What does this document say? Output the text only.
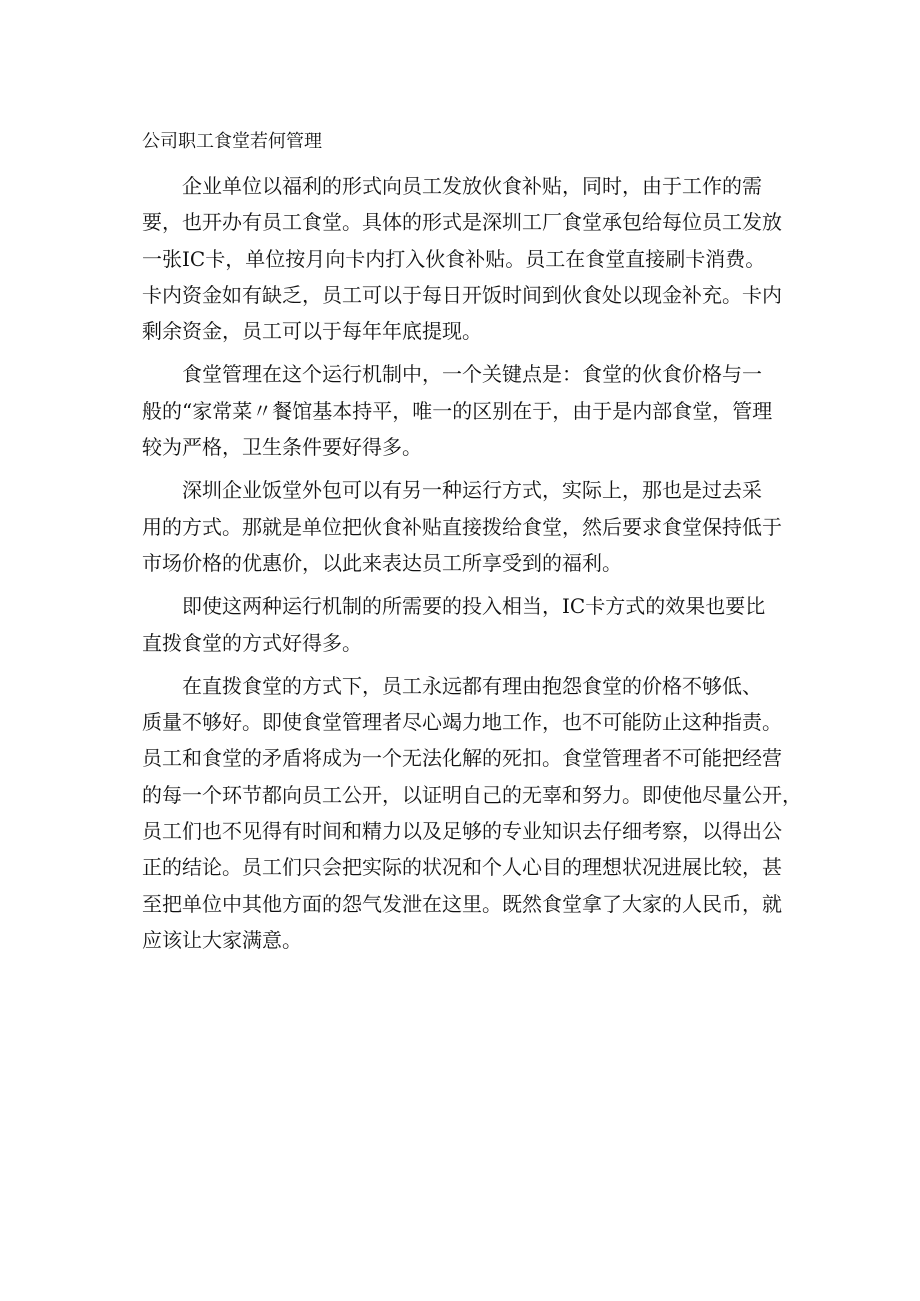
公司职工食堂若何管理

企业单位以福利的形式向员工发放伙食补贴，同时，由于工作的需
要，也开办有员工食堂。具体的形式是深圳工厂食堂承包给每位员工发放
一张IC卡，单位按月向卡内打入伙食补贴。员工在食堂直接刷卡消费。
卡内资金如有缺乏，员工可以于每日开饭时间到伙食处以现金补充。卡内
剩余资金，员工可以于每年年底提现。

食堂管理在这个运行机制中，一个关键点是：食堂的伙食价格与一
般的“家常菜〃餐馆基本持平，唯一的区别在于，由于是内部食堂，管理
较为严格，卫生条件要好得多。

深圳企业饭堂外包可以有另一种运行方式，实际上，那也是过去采
用的方式。那就是单位把伙食补贴直接拨给食堂，然后要求食堂保持低于
市场价格的优惠价，以此来表达员工所享受到的福利。

即使这两种运行机制的所需要的投入相当，IC卡方式的效果也要比
直拨食堂的方式好得多。

在直拨食堂的方式下，员工永远都有理由抱怨食堂的价格不够低、
质量不够好。即使食堂管理者尽心竭力地工作，也不可能防止这种指责。
员工和食堂的矛盾将成为一个无法化解的死扣。食堂管理者不可能把经营
的每一个环节都向员工公开，以证明自己的无辜和努力。即使他尽量公开，
员工们也不见得有时间和精力以及足够的专业知识去仔细考察，以得出公
正的结论。员工们只会把实际的状况和个人心目的理想状况进展比较，甚
至把单位中其他方面的怨气发泄在这里。既然食堂拿了大家的人民币，就
应该让大家满意。
